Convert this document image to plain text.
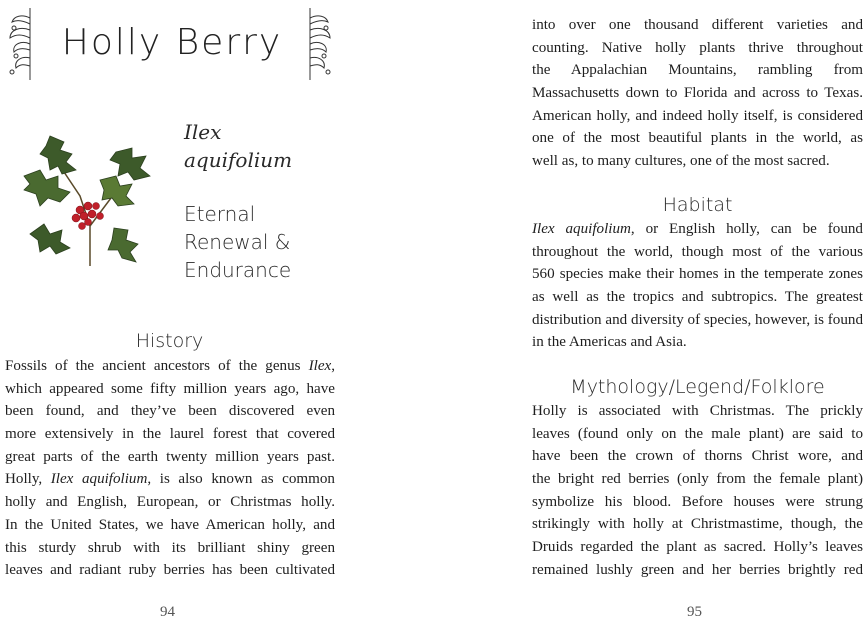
Holly Berry
Ilex
aquifolium
Eternal
Renewal &
Endurance
History
Fossils of the ancient ancestors of the genus Ilex,
which appeared some fifty million years ago, have
been found, and they’ve been discovered even
more extensively in the laurel forest that covered
great parts of the earth twenty million years past.
Holly, Ilex aquifolium, is also known as common
holly and English, European, or Christmas holly.
In the United States, we have American holly, and
this sturdy shrub with its brilliant shiny green
leaves and radiant ruby berries has been cultivated
into over one thousand different varieties and
counting. Native holly plants thrive throughout
the Appalachian Mountains, rambling from
Massachusetts down to Florida and across to Texas.
American holly, and indeed holly itself, is considered
one of the most beautiful plants in the world, as
well as, to many cultures, one of the most sacred.
Habitat
Ilex aquifolium, or English holly, can be found
throughout the world, though most of the various
560 species make their homes in the temperate zones
as well as the tropics and subtropics. The greatest
distribution and diversity of species, however, is found
in the Americas and Asia.
Mythology/Legend/Folklore
Holly is associated with Christmas. The prickly
leaves (found only on the male plant) are said to
have been the crown of thorns Christ wore, and
the bright red berries (only from the female plant)
symbolize his blood. Before houses were strung
strikingly with holly at Christmastime, though, the
Druids regarded the plant as sacred. Holly’s leaves
remained lushly green and her berries brightly red
94	95
